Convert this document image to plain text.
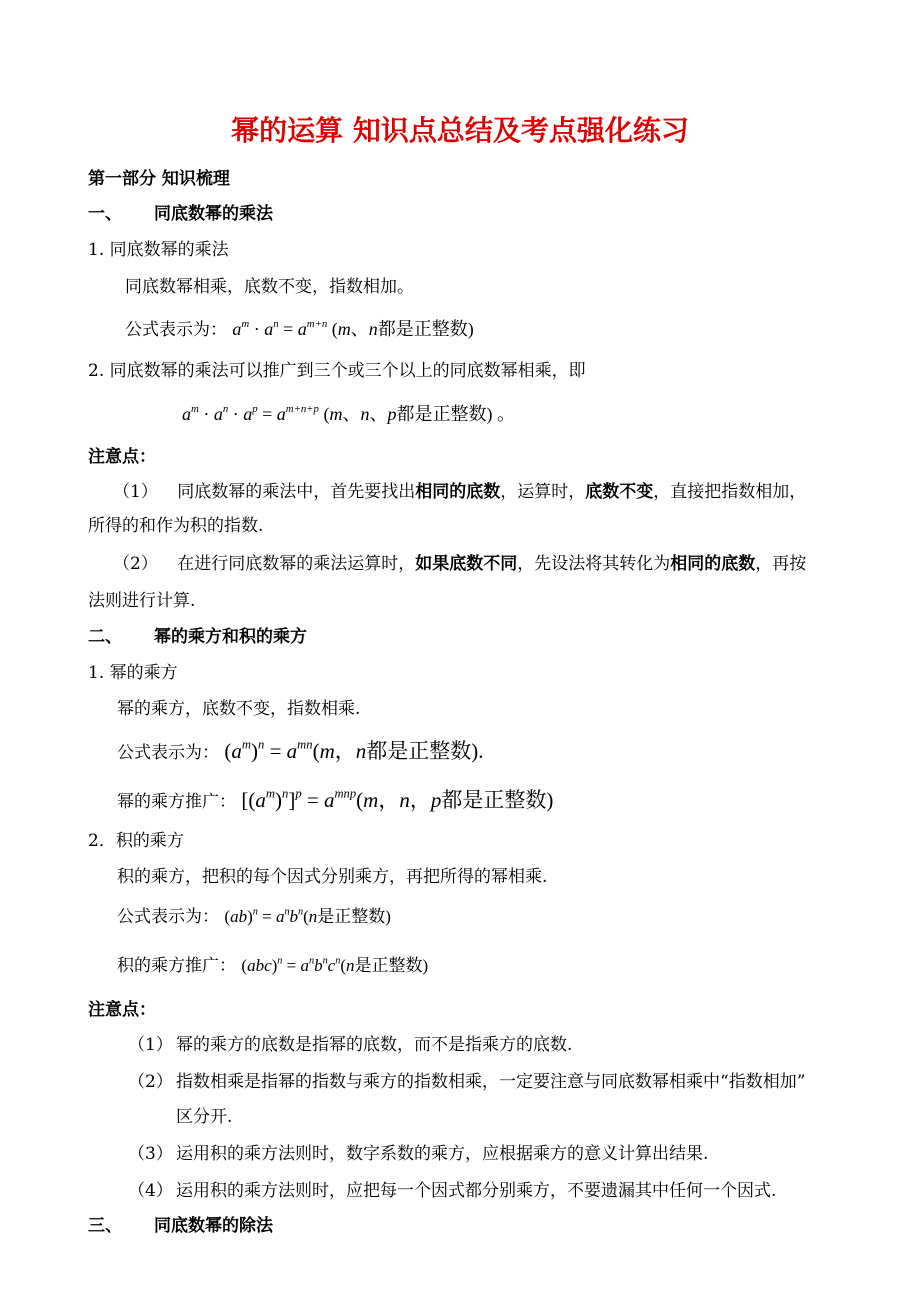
幂的运算 知识点总结及考点强化练习
第一部分 知识梳理
一、 同底数幂的乘法
1. 同底数幂的乘法
同底数幂相乘，底数不变，指数相加。
公式表示为： $a^m \cdot a^n = a^{m+n}$ (m、n都是正整数)
2. 同底数幂的乘法可以推广到三个或三个以上的同底数幂相乘，即
$a^m \cdot a^n \cdot a^p = a^{m+n+p}$ (m、n、p都是正整数) 。
注意点：
（1） 同底数幂的乘法中，首先要找出相同的底数，运算时，底数不变，直接把指数相加，
所得的和作为积的指数.
（2） 在进行同底数幂的乘法运算时，如果底数不同，先设法将其转化为相同的底数，再按
法则进行计算.
二、 幂的乘方和积的乘方
1. 幂的乘方
幂的乘方，底数不变，指数相乘.
公式表示为： $(a^m)^n = a^{mn}(m$，n都是正整数).
幂的乘方推广： $[(a^m)^n]^p = a^{mnp}(m$，n，p都是正整数)
2．积的乘方
积的乘方，把积的每个因式分别乘方，再把所得的幂相乘.
公式表示为： $(ab)^n = a^nb^n(n$是正整数)
积的乘方推广： $(abc)^n = a^nb^nc^n(n$是正整数)
注意点：
（1） 幂的乘方的底数是指幂的底数，而不是指乘方的底数.
（2） 指数相乘是指幂的指数与乘方的指数相乘，一定要注意与同底数幂相乘中“指数相加”
区分开.
（3） 运用积的乘方法则时，数字系数的乘方，应根据乘方的意义计算出结果.
（4） 运用积的乘方法则时，应把每一个因式都分别乘方，不要遗漏其中任何一个因式.
三、 同底数幂的除法
